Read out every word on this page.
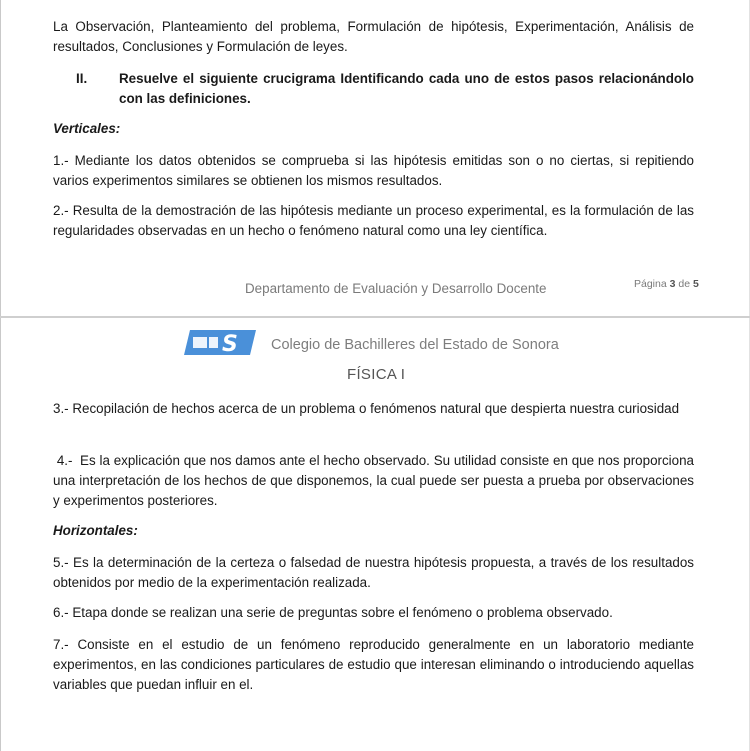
La Observación, Planteamiento del problema, Formulación de hipótesis, Experimentación, Análisis de resultados, Conclusiones y Formulación de leyes.
II. Resuelve el siguiente crucigrama Identificando cada uno de estos pasos relacionándolo con las definiciones.
Verticales:
1.- Mediante los datos obtenidos se comprueba si las hipótesis emitidas son o no ciertas, si repitiendo varios experimentos similares se obtienen los mismos resultados.
2.- Resulta de la demostración de las hipótesis mediante un proceso experimental, es la formulación de las regularidades observadas en un hecho o fenómeno natural como una ley científica.
Departamento de Evaluación y Desarrollo Docente	Página 3 de 5
S Colegio de Bachilleres del Estado de Sonora
FÍSICA I
3.- Recopilación de hechos acerca de un problema o fenómenos natural que despierta nuestra curiosidad
4.-  Es la explicación que nos damos ante el hecho observado. Su utilidad consiste en que nos proporciona una interpretación de los hechos de que disponemos, la cual puede ser puesta a prueba por observaciones  y experimentos posteriores.
Horizontales:
5.- Es la determinación de la certeza o falsedad de nuestra hipótesis propuesta, a través de los resultados obtenidos por medio de la experimentación realizada.
6.- Etapa donde se realizan una serie de preguntas sobre el fenómeno o problema observado.
7.- Consiste en el estudio de un fenómeno reproducido generalmente en un laboratorio mediante experimentos, en las condiciones particulares de estudio que interesan eliminando o introduciendo aquellas variables que puedan influir en el.
